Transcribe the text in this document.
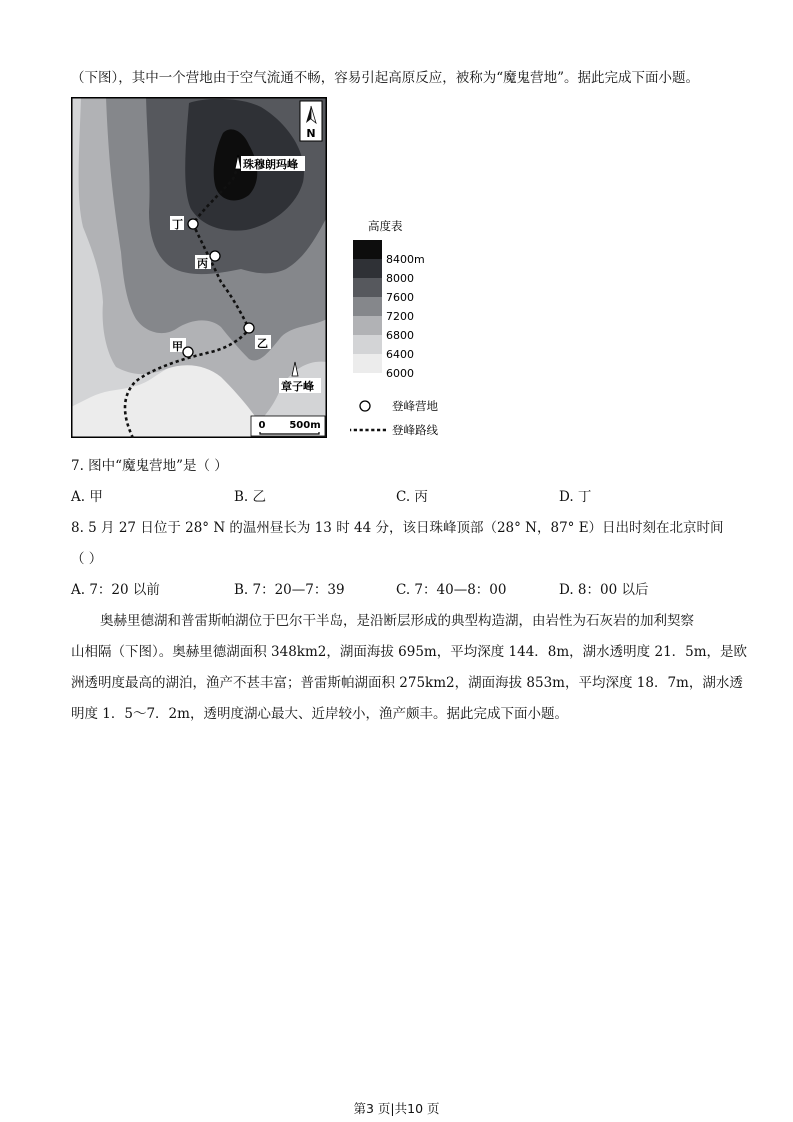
（下图），其中一个营地由于空气流通不畅，容易引起高原反应，被称为“魔鬼营地”。据此完成下面小题。
N
珠穆朗玛峰
章子峰
丁
丙
乙
甲
0 500m
高度表
8400m
8000
7600
7200
6800
6400
6000
登峰营地
登峰路线
7. 图中“魔鬼营地”是（ ）
A. 甲	B. 乙	C. 丙	D. 丁
8. 5 月 27 日位于 28° N 的温州昼长为 13 时 44 分，该日珠峰顶部（28° N，87° E）日出时刻在北京时间
（ ）
A. 7：20 以前	B. 7：20—7：39	C. 7：40—8：00	D. 8：00 以后
奥赫里德湖和普雷斯帕湖位于巴尔干半岛，是沿断层形成的典型构造湖，由岩性为石灰岩的加利契察
山相隔（下图）。奥赫里德湖面积 348km2，湖面海拔 695m，平均深度 144．8m，湖水透明度 21．5m，是欧
洲透明度最高的湖泊，渔产不甚丰富；普雷斯帕湖面积 275km2，湖面海拔 853m，平均深度 18．7m，湖水透
明度 1．5～7．2m，透明度湖心最大、近岸较小，渔产颇丰。据此完成下面小题。
第3 页|共10 页
